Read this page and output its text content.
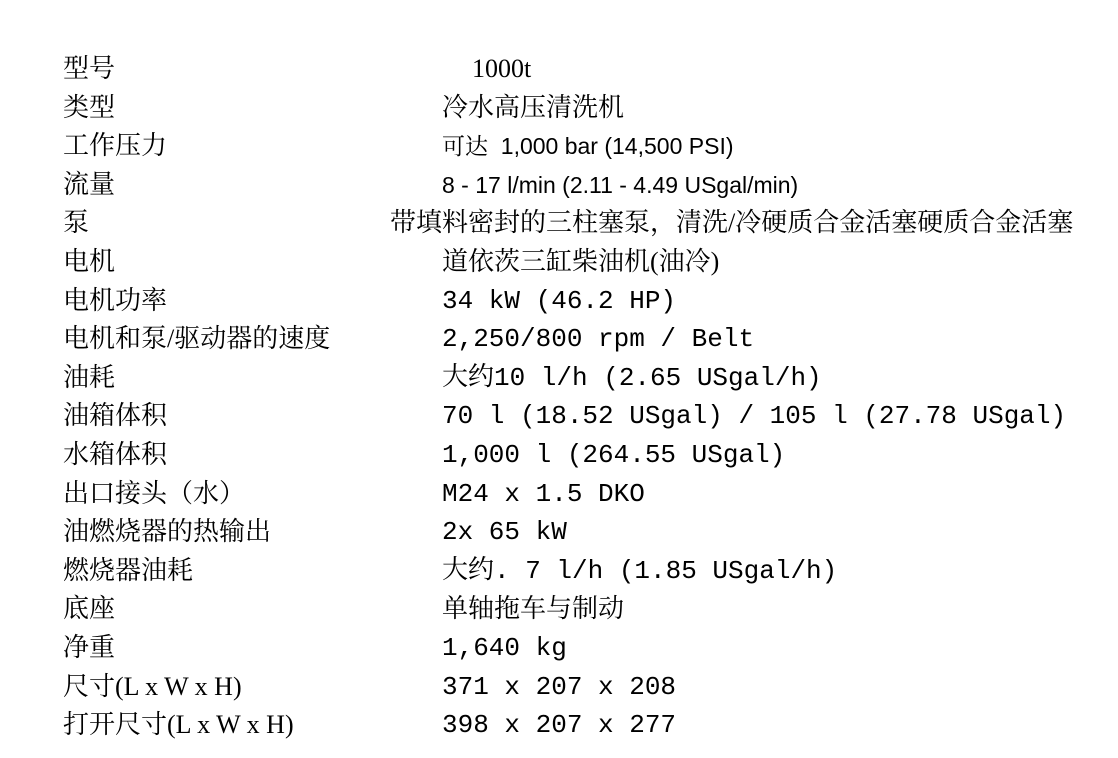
型号	1000t
类型	冷水高压清洗机
工作压力	可达  1,000 bar (14,500 PSI)
流量	8 - 17 l/min (2.11 - 4.49 USgal/min)
泵	带填料密封的三柱塞泵，清洗/冷硬质合金活塞硬质合金活塞
电机	道依茨三缸柴油机(油冷)
电机功率	34 kW (46.2 HP)
电机和泵/驱动器的速度	2,250/800 rpm / Belt
油耗	大约10 l/h (2.65 USgal/h)
油箱体积	70 l (18.52 USgal) / 105 l (27.78 USgal)
水箱体积	1,000 l (264.55 USgal)
出口接头（水）	M24 x 1.5 DKO
油燃烧器的热输出	2x 65 kW
燃烧器油耗	大约. 7 l/h (1.85 USgal/h)
底座	单轴拖车与制动
净重	1,640 kg
尺寸(L x W x H)	371 x 207 x 208
打开尺寸(L x W x H)	398 x 207 x 277
